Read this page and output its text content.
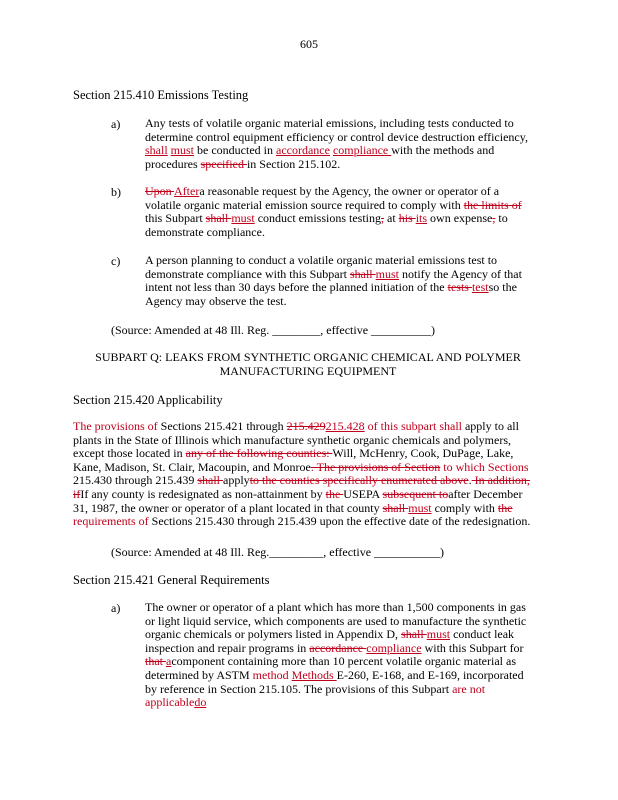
605
Section 215.410 Emissions Testing
a) Any tests of volatile organic material emissions, including tests conducted to determine control equipment efficiency or control device destruction efficiency, shall must be conducted in accordance compliance with the methods and procedures specified in Section 215.102.
b) Upon Aftera reasonable request by the Agency, the owner or operator of a volatile organic material emission source required to comply with the limits of this Subpart shall must conduct emissions testing, at his its own expense, to demonstrate compliance.
c) A person planning to conduct a volatile organic material emissions test to demonstrate compliance with this Subpart shall must notify the Agency of that intent not less than 30 days before the planned initiation of the tests testso the Agency may observe the test.
(Source: Amended at 48 Ill. Reg. ________, effective __________)
SUBPART Q: LEAKS FROM SYNTHETIC ORGANIC CHEMICAL AND POLYMER MANUFACTURING EQUIPMENT
Section 215.420 Applicability
The provisions of Sections 215.421 through 215.429215.428 of this subpart shall apply to all plants in the State of Illinois which manufacture synthetic organic chemicals and polymers, except those located in any of the following counties: Will, McHenry, Cook, DuPage, Lake, Kane, Madison, St. Clair, Macoupin, and Monroe. The provisions of Section to which Sections 215.430 through 215.439 shall applyto the counties specifically enumerated above. In addition, ifIf any county is redesignated as non-attainment by the USEPA subsequent toafter December 31, 1987, the owner or operator of a plant located in that county shall must comply with the requirements of Sections 215.430 through 215.439 upon the effective date of the redesignation.
(Source: Amended at 48 Ill. Reg._________, effective ___________)
Section 215.421 General Requirements
a) The owner or operator of a plant which has more than 1,500 components in gas or light liquid service, which components are used to manufacture the synthetic organic chemicals or polymers listed in Appendix D, shall must conduct leak inspection and repair programs in accordance compliance with this Subpart for that acomponent containing more than 10 percent volatile organic material as determined by ASTM method Methods E-260, E-168, and E-169, incorporated by reference in Section 215.105. The provisions of this Subpart are not applicabledo
